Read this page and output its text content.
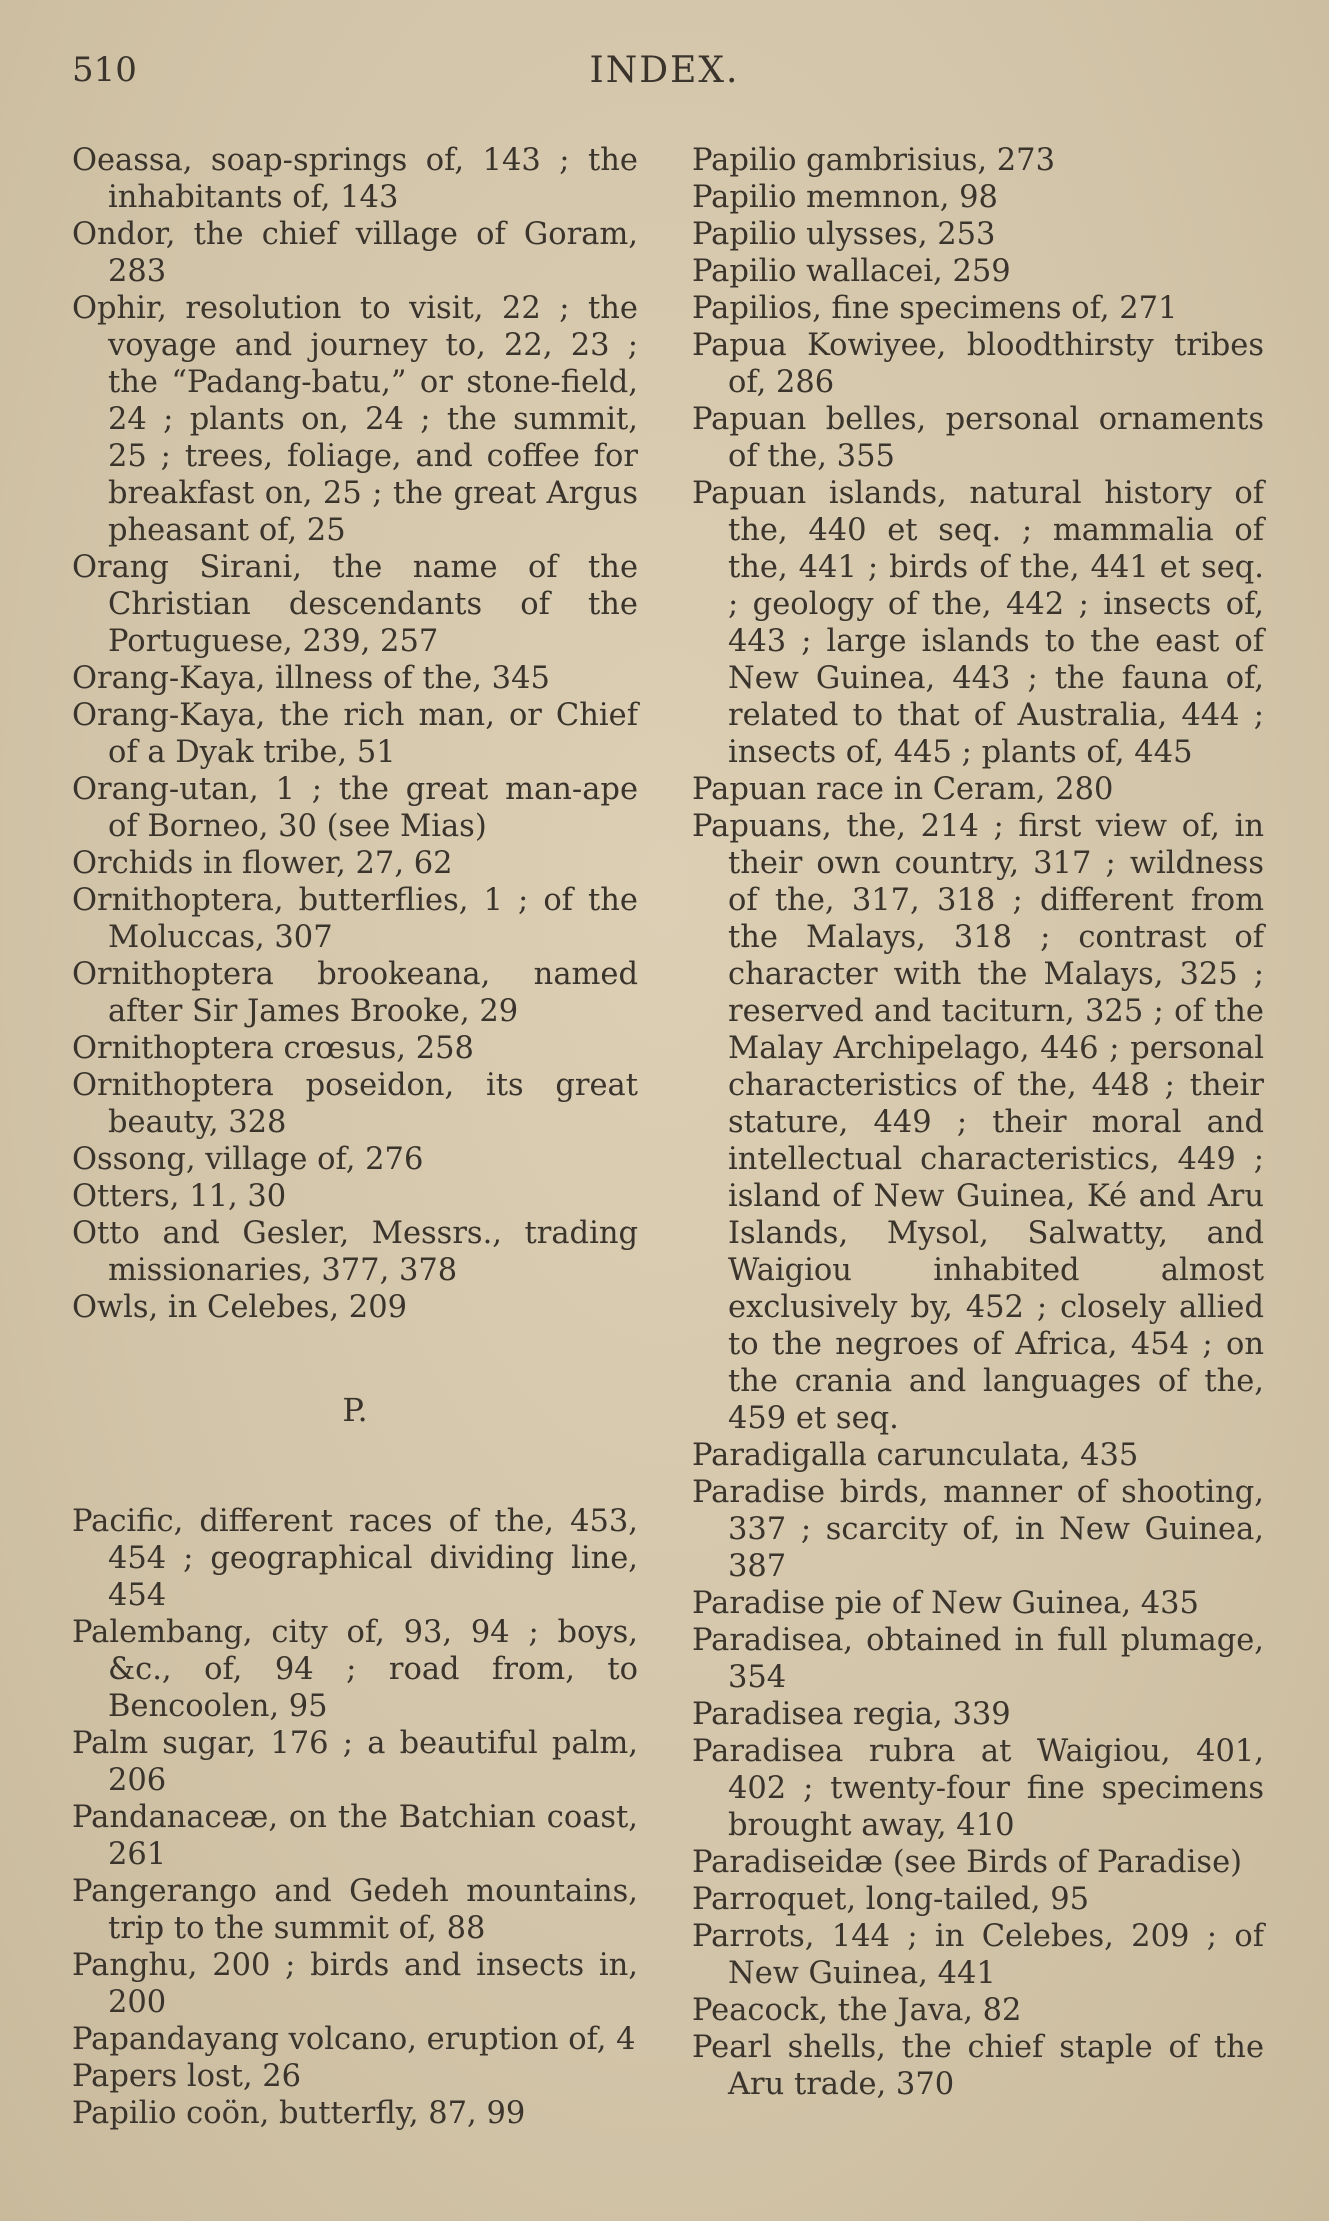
510	INDEX.
Oeassa, soap-springs of, 143 ; the inhabitants of, 143
Ondor, the chief village of Goram, 283
Ophir, resolution to visit, 22 ; the voyage and journey to, 22, 23 ; the “Padang-batu,” or stone-field, 24 ; plants on, 24 ; the summit, 25 ; trees, foliage, and coffee for breakfast on, 25 ; the great Argus pheasant of, 25
Orang Sirani, the name of the Christian descendants of the Portuguese, 239, 257
Orang-Kaya, illness of the, 345
Orang-Kaya, the rich man, or Chief of a Dyak tribe, 51
Orang-utan, 1 ; the great man-ape of Borneo, 30 (see Mias)
Orchids in flower, 27, 62
Ornithoptera, butterflies, 1 ; of the Moluccas, 307
Ornithoptera brookeana, named after Sir James Brooke, 29
Ornithoptera crœsus, 258
Ornithoptera poseidon, its great beauty, 328
Ossong, village of, 276
Otters, 11, 30
Otto and Gesler, Messrs., trading missionaries, 377, 378
Owls, in Celebes, 209
P.
Pacific, different races of the, 453, 454 ; geographical dividing line, 454
Palembang, city of, 93, 94 ; boys, &c., of, 94 ; road from, to Bencoolen, 95
Palm sugar, 176 ; a beautiful palm, 206
Pandanaceæ, on the Batchian coast, 261
Pangerango and Gedeh mountains, trip to the summit of, 88
Panghu, 200 ; birds and insects in, 200
Papandayang volcano, eruption of, 4
Papers lost, 26
Papilio coön, butterfly, 87, 99
Papilio gambrisius, 273
Papilio memnon, 98
Papilio ulysses, 253
Papilio wallacei, 259
Papilios, fine specimens of, 271
Papua Kowiyee, bloodthirsty tribes of, 286
Papuan belles, personal ornaments of the, 355
Papuan islands, natural history of the, 440 et seq. ; mammalia of the, 441 ; birds of the, 441 et seq. ; geology of the, 442 ; insects of, 443 ; large islands to the east of New Guinea, 443 ; the fauna of, related to that of Australia, 444 ; insects of, 445 ; plants of, 445
Papuan race in Ceram, 280
Papuans, the, 214 ; first view of, in their own country, 317 ; wildness of the, 317, 318 ; different from the Malays, 318 ; contrast of character with the Malays, 325 ; reserved and taciturn, 325 ; of the Malay Archipelago, 446 ; personal characteristics of the, 448 ; their stature, 449 ; their moral and intellectual characteristics, 449 ; island of New Guinea, Ké and Aru Islands, Mysol, Salwatty, and Waigiou inhabited almost exclusively by, 452 ; closely allied to the negroes of Africa, 454 ; on the crania and languages of the, 459 et seq.
Paradigalla carunculata, 435
Paradise birds, manner of shooting, 337 ; scarcity of, in New Guinea, 387
Paradise pie of New Guinea, 435
Paradisea, obtained in full plumage, 354
Paradisea regia, 339
Paradisea rubra at Waigiou, 401, 402 ; twenty-four fine specimens brought away, 410
Paradiseidæ (see Birds of Paradise)
Parroquet, long-tailed, 95
Parrots, 144 ; in Celebes, 209 ; of New Guinea, 441
Peacock, the Java, 82
Pearl shells, the chief staple of the Aru trade, 370
